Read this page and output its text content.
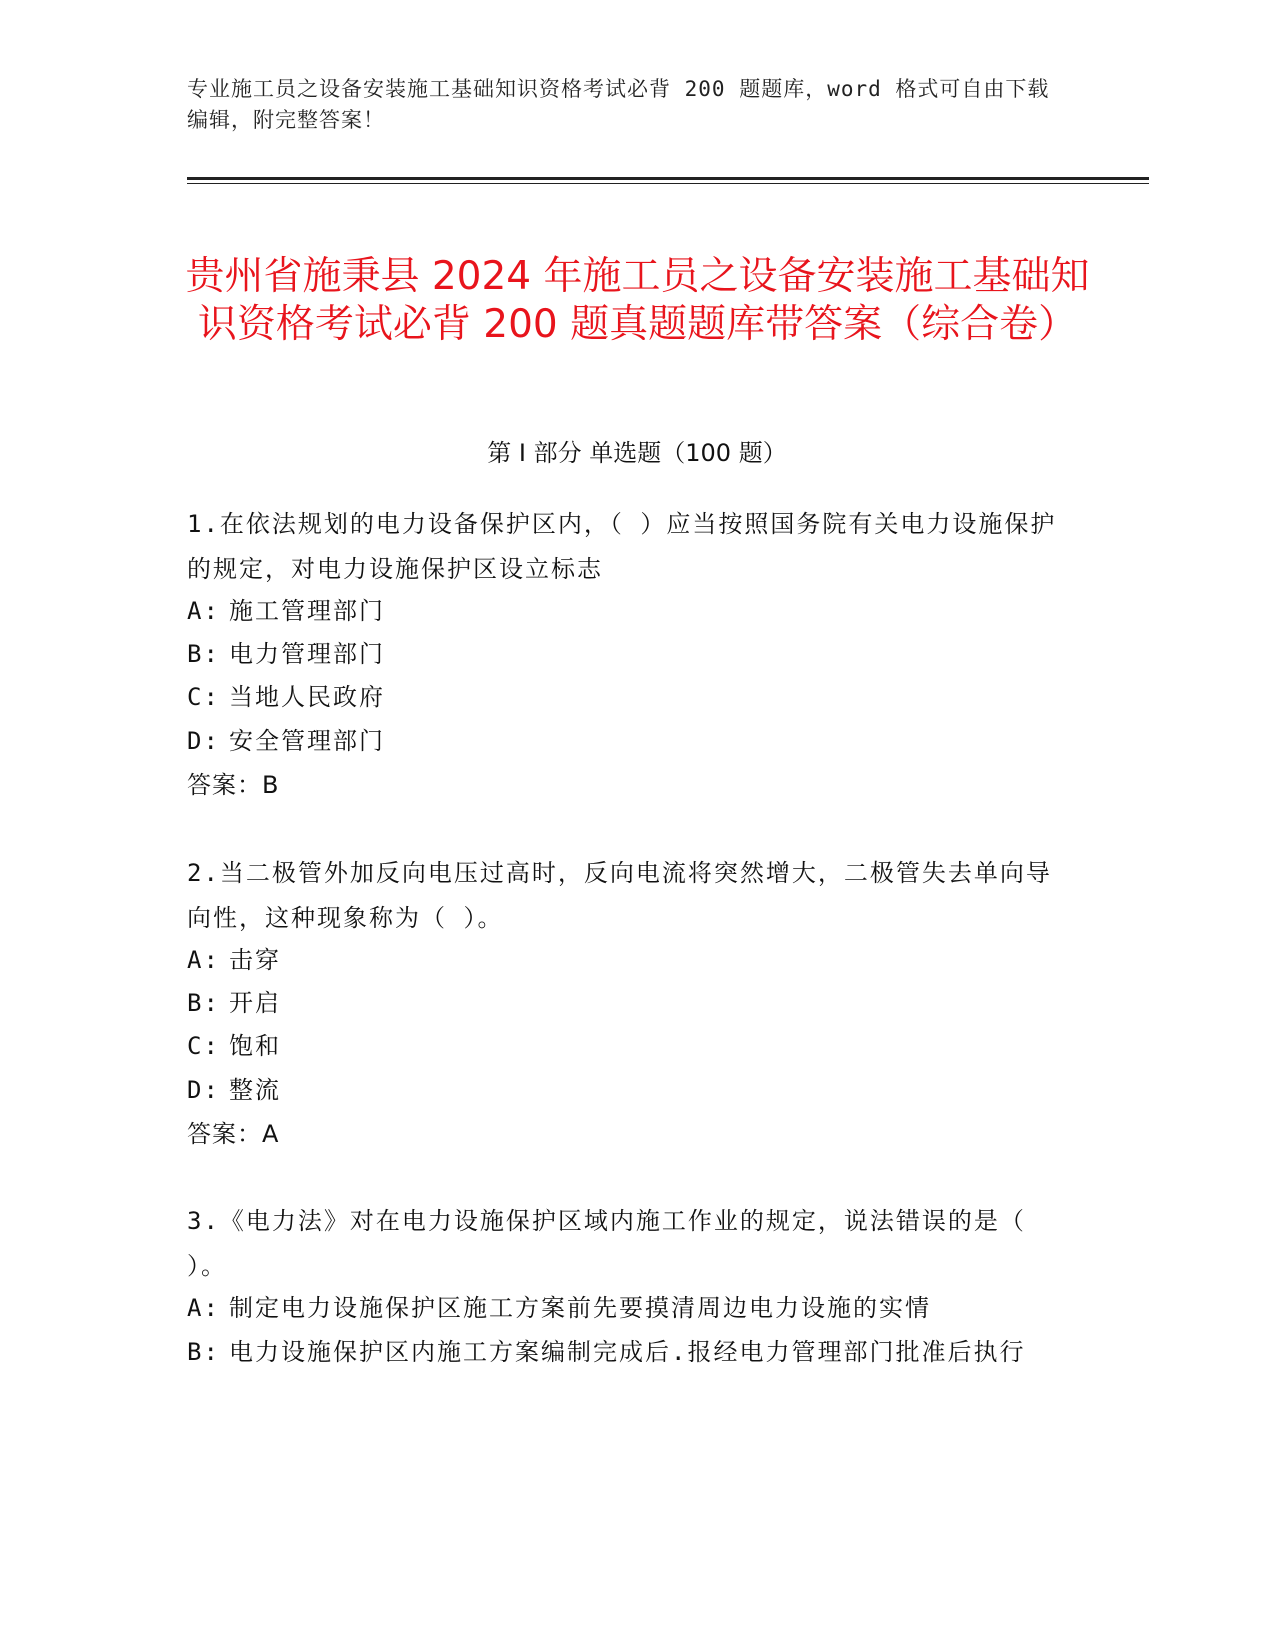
专业施工员之设备安装施工基础知识资格考试必背 200 题题库，word 格式可自由下载编辑，附完整答案！
贵州省施秉县 2024 年施工员之设备安装施工基础知识资格考试必背 200 题真题题库带答案（综合卷）
第 I 部分 单选题（100 题）
1.在依法规划的电力设备保护区内，（ ）应当按照国务院有关电力设施保护的规定，对电力设施保护区设立标志
A: 施工管理部门
B: 电力管理部门
C: 当地人民政府
D: 安全管理部门
答案：B
2.当二极管外加反向电压过高时，反向电流将突然增大，二极管失去单向导向性，这种现象称为（ ）。
A: 击穿
B: 开启
C: 饱和
D: 整流
答案：A
3.《电力法》对在电力设施保护区域内施工作业的规定，说法错误的是（ ）。
A: 制定电力设施保护区施工方案前先要摸清周边电力设施的实情
B: 电力设施保护区内施工方案编制完成后.报经电力管理部门批准后执行
